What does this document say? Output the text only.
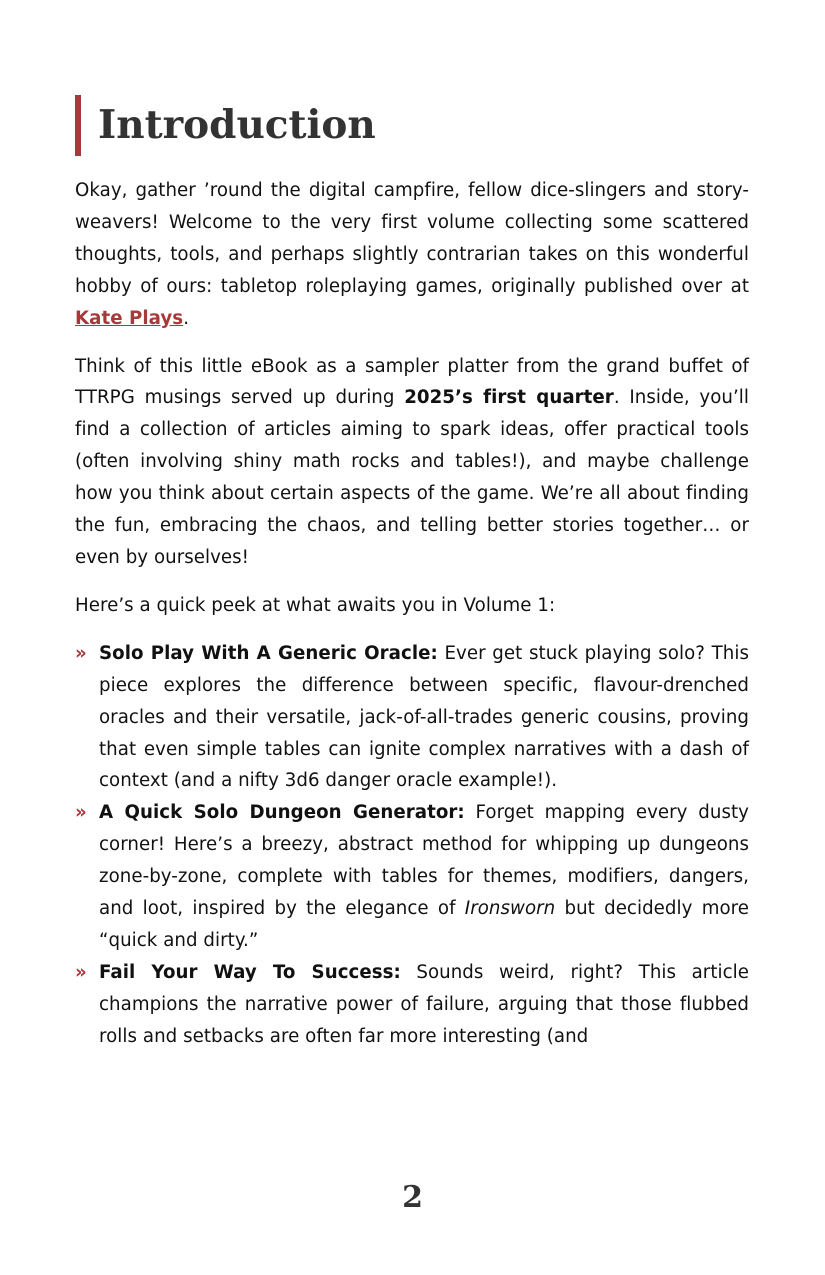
Introduction

Okay, gather ’round the digital campfire, fellow dice-slingers and story-weavers! Welcome to the very first volume collecting some scattered thoughts, tools, and perhaps slightly contrarian takes on this wonderful hobby of ours: tabletop roleplaying games, originally published over at Kate Plays.

Think of this little eBook as a sampler platter from the grand buffet of TTRPG musings served up during 2025’s first quarter. Inside, you’ll find a collection of articles aiming to spark ideas, offer practical tools (often involving shiny math rocks and tables!), and maybe challenge how you think about certain aspects of the game. We’re all about finding the fun, embracing the chaos, and telling better stories together… or even by ourselves!

Here’s a quick peek at what awaits you in Volume 1:

» Solo Play With A Generic Oracle: Ever get stuck playing solo? This piece explores the difference between specific, flavour-drenched oracles and their versatile, jack-of-all-trades generic cousins, proving that even simple tables can ignite complex narratives with a dash of context (and a nifty 3d6 danger oracle example!).
» A Quick Solo Dungeon Generator: Forget mapping every dusty corner! Here’s a breezy, abstract method for whipping up dungeons zone-by-zone, complete with tables for themes, modifiers, dangers, and loot, inspired by the elegance of Ironsworn but decidedly more “quick and dirty.”
» Fail Your Way To Success: Sounds weird, right? This article champions the narrative power of failure, arguing that those flubbed rolls and setbacks are often far more interesting (and
2
